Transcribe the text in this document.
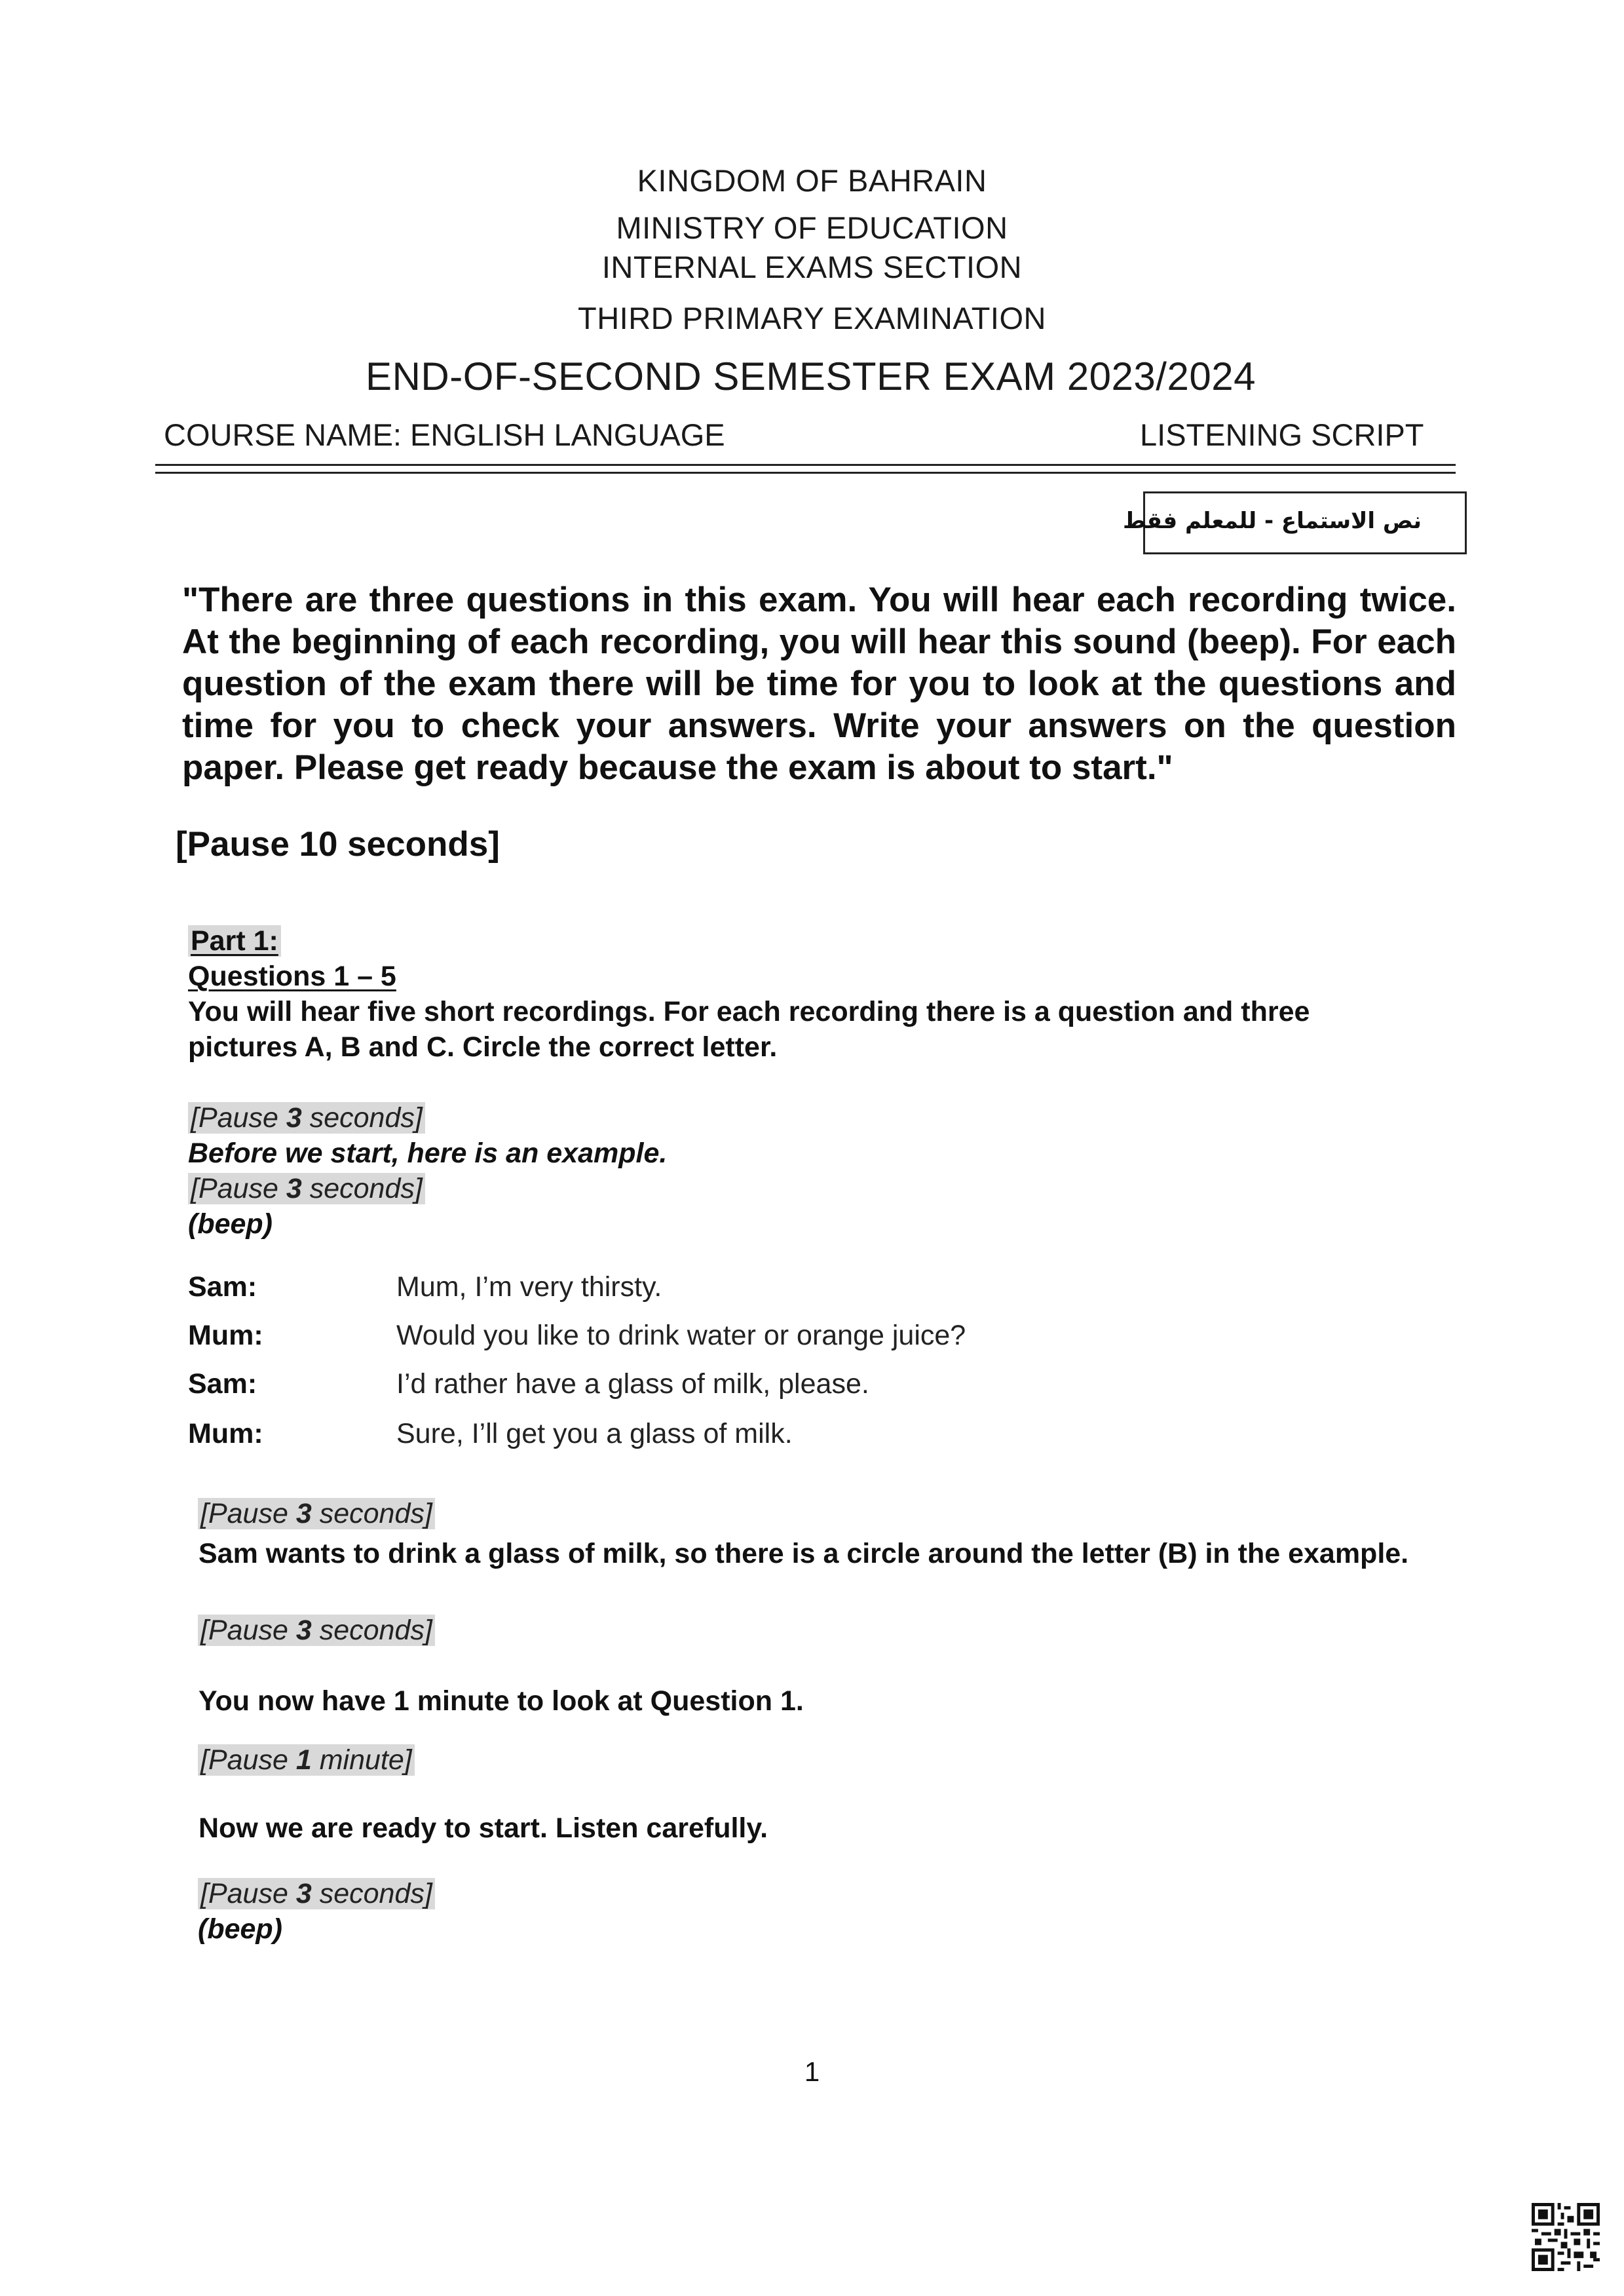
KINGDOM OF BAHRAIN
MINISTRY OF EDUCATION
INTERNAL EXAMS SECTION
THIRD PRIMARY EXAMINATION
END-OF-SECOND SEMESTER EXAM 2023/2024
COURSE NAME: ENGLISH LANGUAGE	LISTENING SCRIPT
نص الاستماع - للمعلم فقط
"There are three questions in this exam. You will hear each recording twice. At the beginning of each recording, you will hear this sound (beep). For each question of the exam there will be time for you to look at the questions and time for you to check your answers. Write your answers on the question paper. Please get ready because the exam is about to start."
[Pause 10 seconds]
Part 1:
Questions 1 – 5
You will hear five short recordings. For each recording there is a question and three
pictures A, B and C. Circle the correct letter.
[Pause 3 seconds]
Before we start, here is an example.
[Pause 3 seconds]
(beep)
Sam:	Mum, I’m very thirsty.
Mum:	Would you like to drink water or orange juice?
Sam:	I’d rather have a glass of milk, please.
Mum:	Sure, I’ll get you a glass of milk.
[Pause 3 seconds]
Sam wants to drink a glass of milk, so there is a circle around the letter (B) in the example.
[Pause 3 seconds]
You now have 1 minute to look at Question 1.
[Pause 1 minute]
Now we are ready to start. Listen carefully.
[Pause 3 seconds]
(beep)
1
